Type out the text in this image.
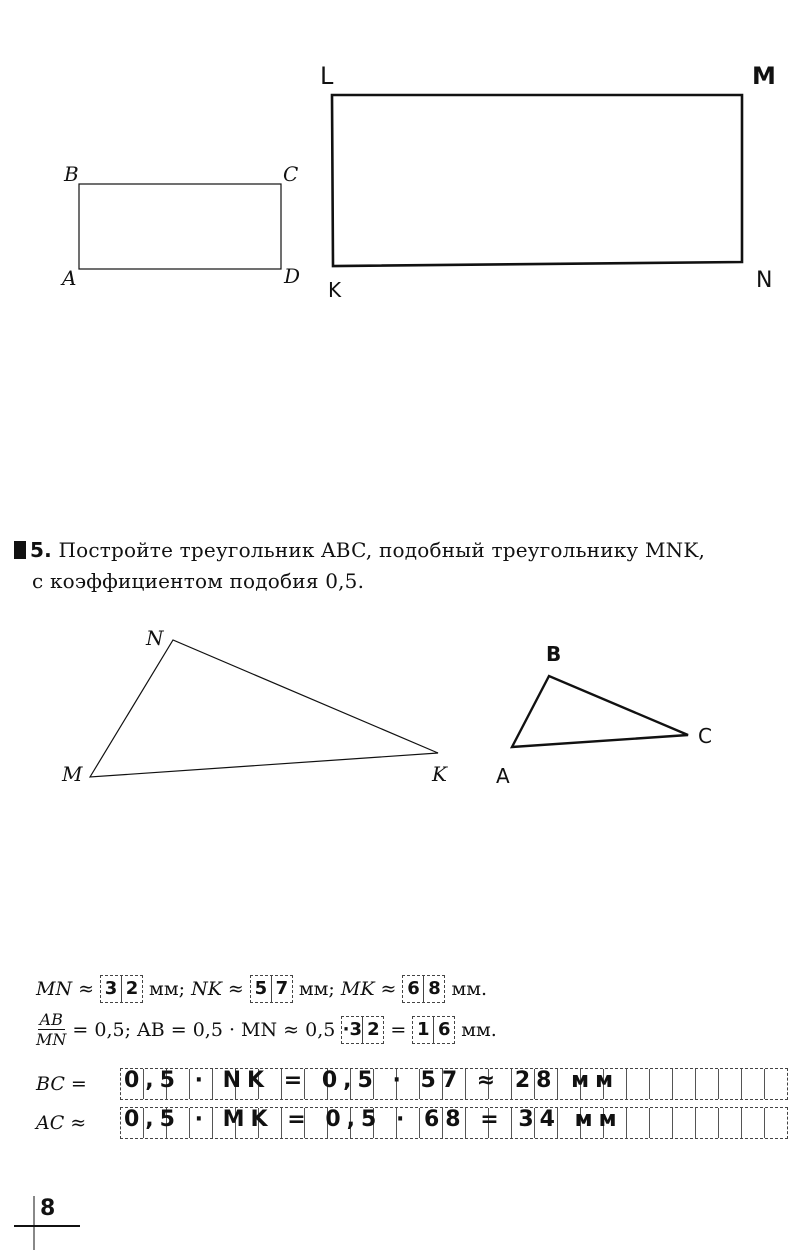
B	C
A	D
L	M
K	N
5. Постройте треугольник ABC, подобный треугольнику MNK,
с коэффициентом подобия 0,5.
N
M	K
B
C
A
MN ≈ 3 2 мм;
NK ≈ 5 7 мм;
MK ≈ 6 8 мм.
$\frac{AB}{MN} = 0,5$; AB = 0,5 · MN ≈ 0,5 ·3 2 = 1 6 мм.
BC =	0,5 · NK = 0,5 · 57 ≈ 28 мм
AC ≈	0,5 · MK = 0,5 · 68 = 34 мм
8
